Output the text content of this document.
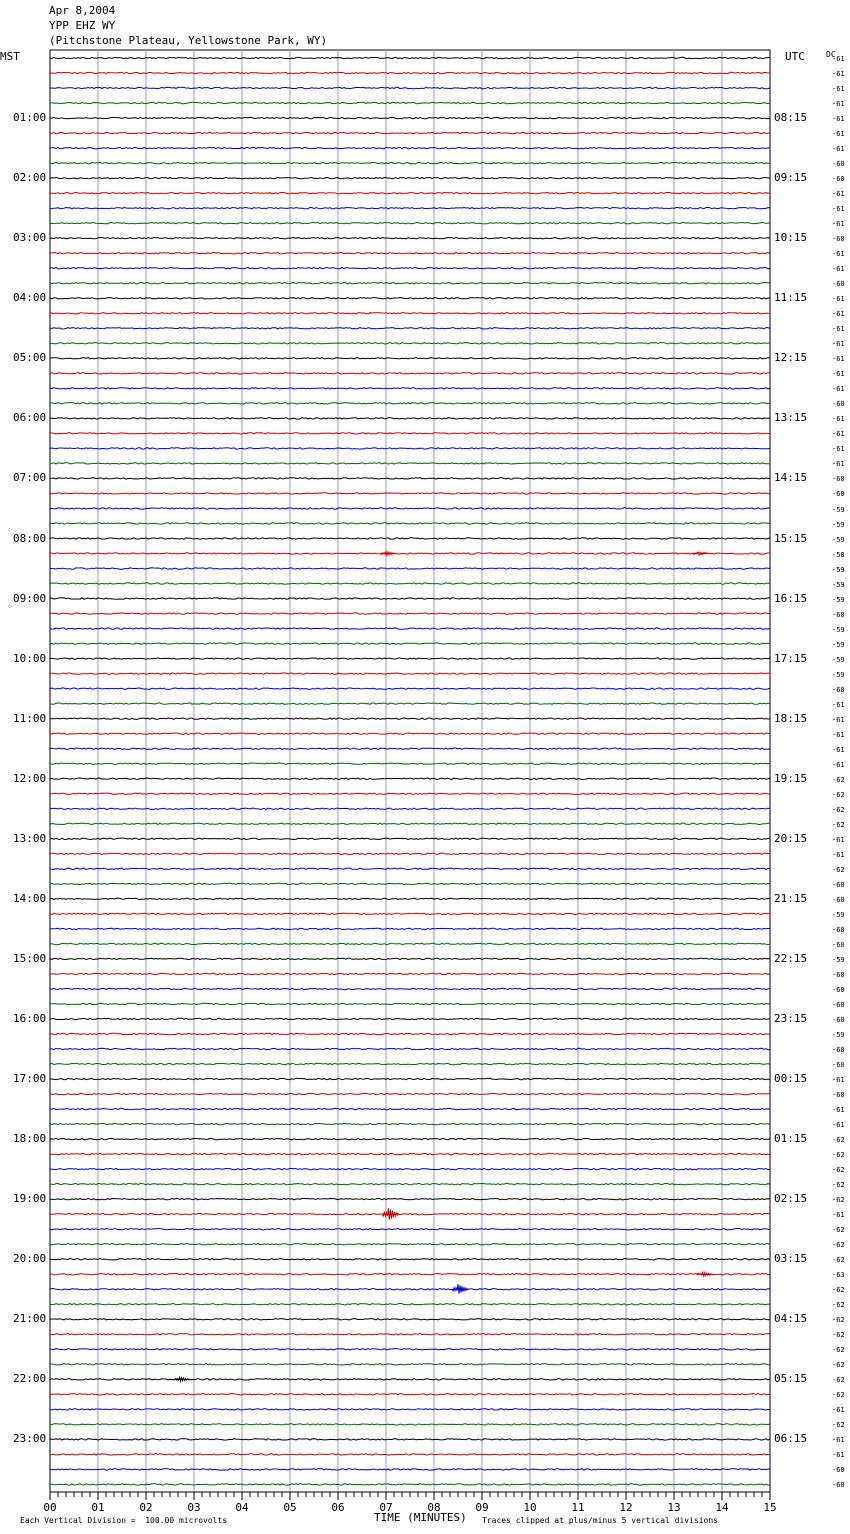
Apr 8,2004
YPP EHZ WY
(Pitchstone Plateau, Yellowstone Park, WY)
MST	UTC	DC
01:00
02:00
03:00
04:00
05:00
06:00
07:00
08:00
09:00
10:00
11:00
12:00
13:00
14:00
15:00
16:00
17:00
18:00
19:00
20:00
21:00
22:00
23:00
08:15
09:15
10:15
11:15
12:15
13:15
14:15
15:15
16:15
17:15
18:15
19:15
20:15
21:15
22:15
23:15
00:15
01:15
02:15
03:15
04:15
05:15
06:15
-61
-61
-61
-61
-61
-61
-61
-60
-60
-61
-61
-61
-60
-61
-61
-60
-61
-61
-61
-61
-61
-61
-61
-60
-61
-61
-61
-61
-60
-60
-59
-59
-59
-58
-59
-59
-59
-60
-59
-59
-59
-59
-60
-61
-61
-61
-61
-61
-62
-62
-62
-62
-61
-61
-62
-60
-60
-59
-60
-60
-59
-60
-60
-60
-60
-59
-60
-60
-61
-60
-61
-61
-62
-62
-62
-62
-62
-61
-62
-62
-62
-63
-62
-62
-62
-62
-62
-62
-62
-62
-61
-62
-61
-61
-60
-60
00	01	02	03	04	05	06	07	08	09	10	11	12	13	14	15
TIME (MINUTES)
Each Vertical Division =  100.00 microvolts	Traces clipped at plus/minus 5 vertical divisions
